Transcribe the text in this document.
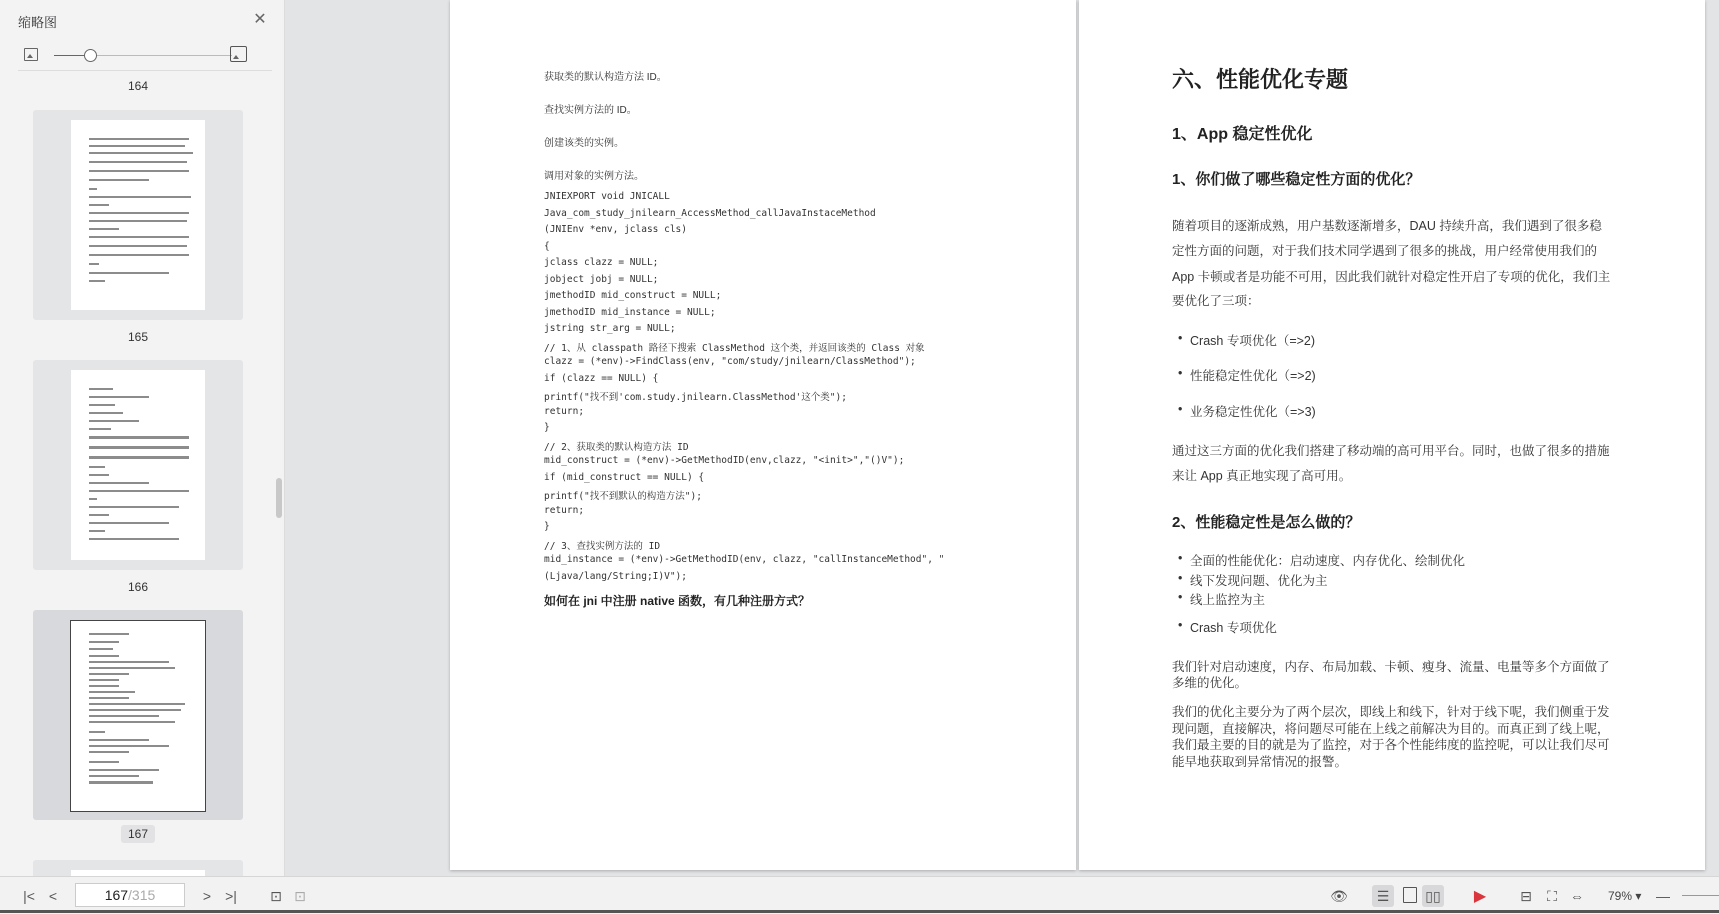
缩略图	✕
164
165
166
167
获取类的默认构造方法 ID。
查找实例方法的 ID。
创建该类的实例。
调用对象的实例方法。
JNIEXPORT void JNICALL
Java_com_study_jnilearn_AccessMethod_callJavaInstaceMethod
(JNIEnv *env, jclass cls)
{
jclass clazz = NULL;
jobject jobj = NULL;
jmethodID mid_construct = NULL;
jmethodID mid_instance = NULL;
jstring str_arg = NULL;
// 1、从 classpath 路径下搜索 ClassMethod 这个类，并返回该类的 Class 对象
clazz = (*env)->FindClass(env, "com/study/jnilearn/ClassMethod");
if (clazz == NULL) {
printf("找不到'com.study.jnilearn.ClassMethod'这个类");
return;
}
// 2、获取类的默认构造方法 ID
mid_construct = (*env)->GetMethodID(env,clazz, "<init>","()V");
if (mid_construct == NULL) {
printf("找不到默认的构造方法");
return;
}
// 3、查找实例方法的 ID
mid_instance = (*env)->GetMethodID(env, clazz, "callInstanceMethod", "
(Ljava/lang/String;I)V");
如何在 jni 中注册 native 函数，有几种注册方式？
六、性能优化专题
1、App 稳定性优化
1、你们做了哪些稳定性方面的优化？
随着项目的逐渐成熟，用户基数逐渐增多，DAU 持续升高，我们遇到了很多稳
定性方面的问题，对于我们技术同学遇到了很多的挑战，用户经常使用我们的
App 卡顿或者是功能不可用，因此我们就针对稳定性开启了专项的优化，我们主
要优化了三项：
• Crash 专项优化（=>2)
• 性能稳定性优化（=>2)
• 业务稳定性优化（=>3)
通过这三方面的优化我们搭建了移动端的高可用平台。同时，也做了很多的措施
来让 App 真正地实现了高可用。
2、性能稳定性是怎么做的？
• 全面的性能优化：启动速度、内存优化、绘制优化
• 线下发现问题、优化为主
• 线上监控为主
• Crash 专项优化
我们针对启动速度，内存、布局加载、卡顿、瘦身、流量、电量等多个方面做了
多维的优化。
我们的优化主要分为了两个层次，即线上和线下，针对于线下呢，我们侧重于发
现问题，直接解决，将问题尽可能在上线之前解决为目的。而真正到了线上呢，
我们最主要的目的就是为了监控，对于各个性能纬度的监控呢，可以让我们尽可
能早地获取到异常情况的报警。
|<	<	167/315	>	>|	⊡ ⊡	👁	☰	▯▯	▶	⊟	⛶ ⇔	79% ▾ —
